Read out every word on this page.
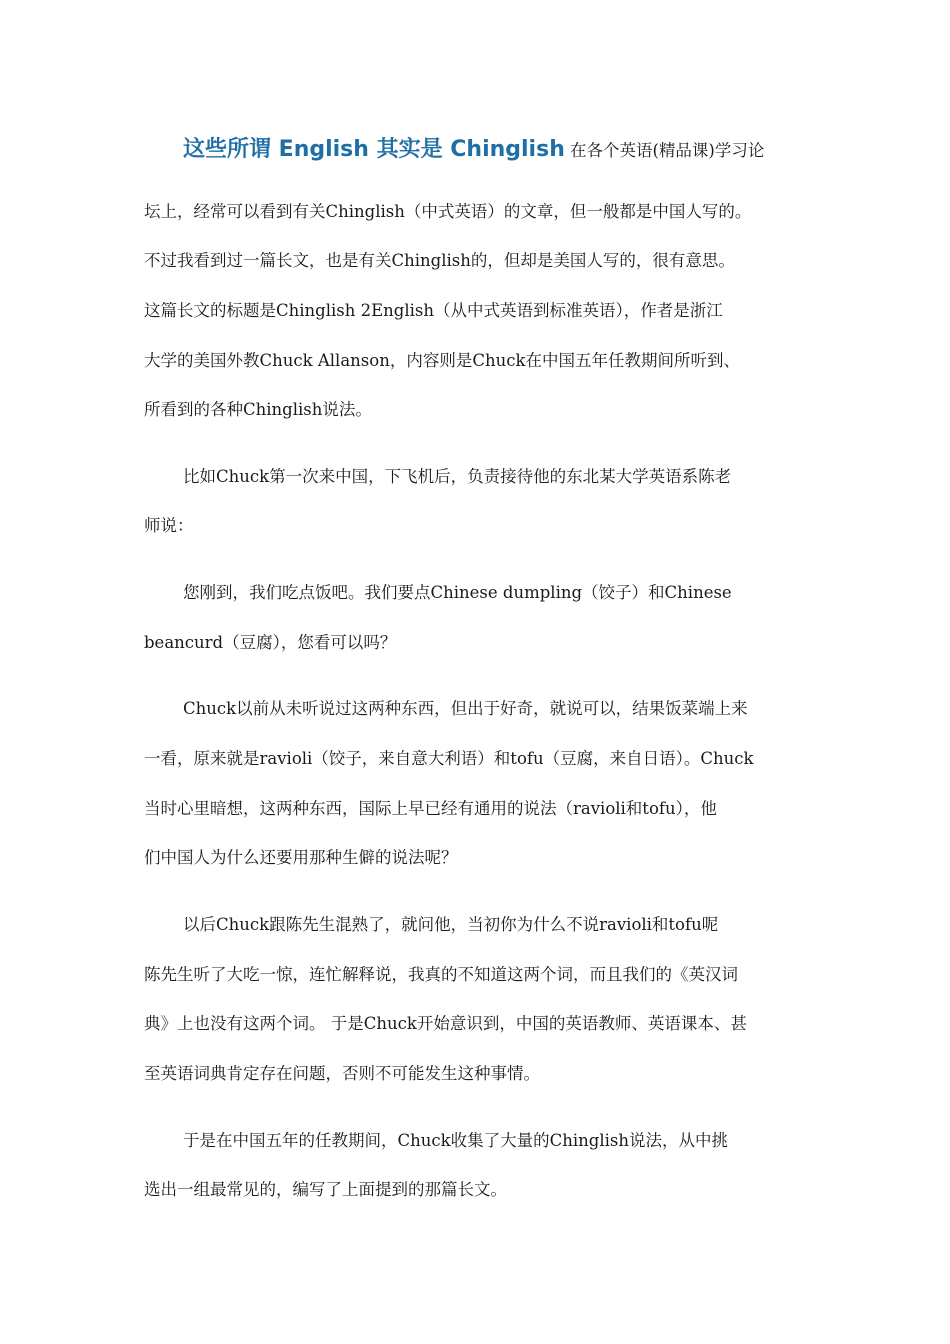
这些所谓 English 其实是 Chinglish 在各个英语(精品课)学习论
坛上，经常可以看到有关Chinglish（中式英语）的文章，但一般都是中国人写的。
不过我看到过一篇长文，也是有关Chinglish的，但却是美国人写的，很有意思。
这篇长文的标题是Chinglish 2English（从中式英语到标准英语），作者是浙江
大学的美国外教Chuck Allanson，内容则是Chuck在中国五年任教期间所听到、
所看到的各种Chinglish说法。
比如Chuck第一次来中国，下飞机后，负责接待他的东北某大学英语系陈老
师说：
您刚到，我们吃点饭吧。我们要点Chinese dumpling（饺子）和Chinese
beancurd（豆腐），您看可以吗？
Chuck以前从未听说过这两种东西，但出于好奇，就说可以，结果饭菜端上来
一看，原来就是ravioli（饺子，来自意大利语）和tofu（豆腐，来自日语）。Chuck
当时心里暗想，这两种东西，国际上早已经有通用的说法（ravioli和tofu），他
们中国人为什么还要用那种生僻的说法呢？
以后Chuck跟陈先生混熟了，就问他，当初你为什么不说ravioli和tofu呢
陈先生听了大吃一惊，连忙解释说，我真的不知道这两个词，而且我们的《英汉词
典》上也没有这两个词。 于是Chuck开始意识到，中国的英语教师、英语课本、甚
至英语词典肯定存在问题，否则不可能发生这种事情。
于是在中国五年的任教期间，Chuck收集了大量的Chinglish说法，从中挑
选出一组最常见的，编写了上面提到的那篇长文。
